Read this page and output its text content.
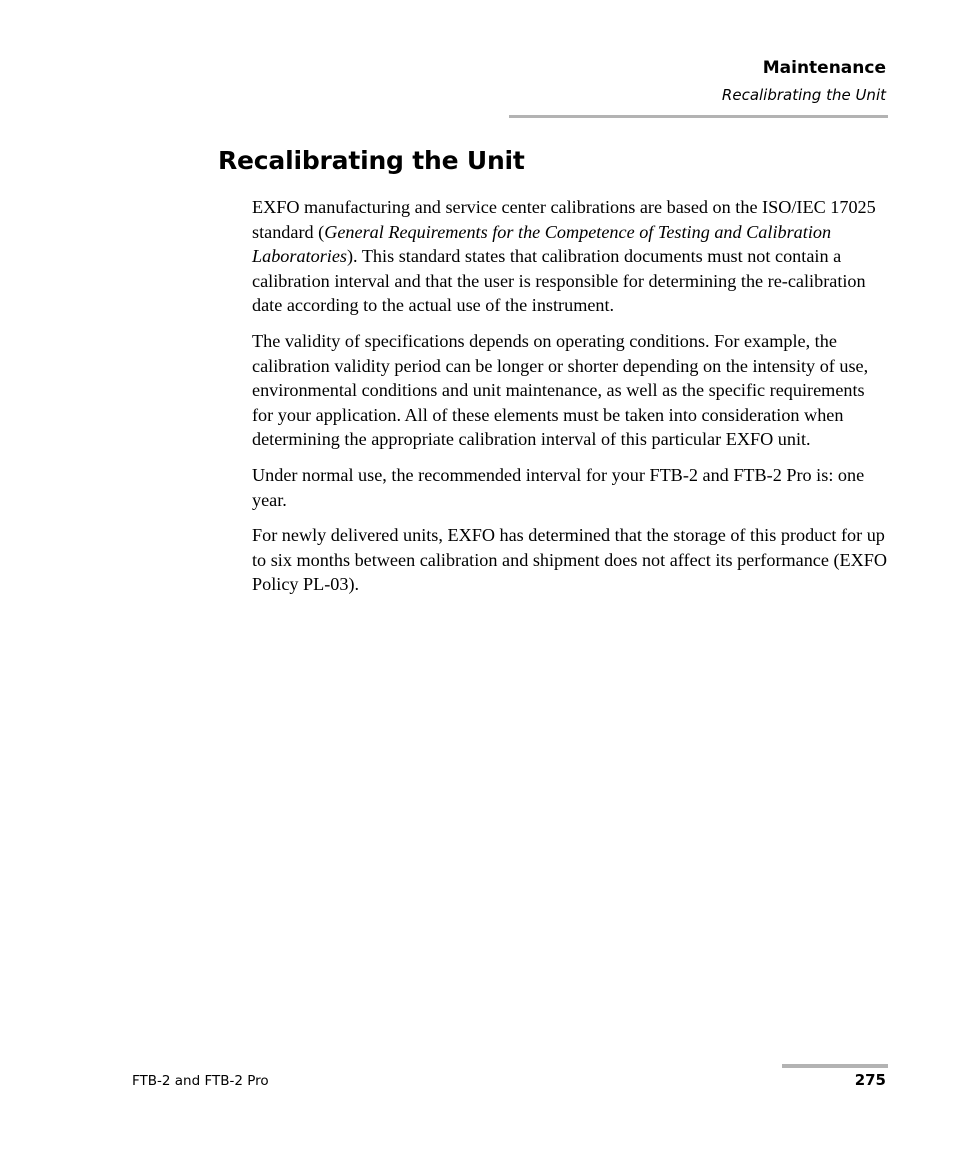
Maintenance
Recalibrating the Unit
Recalibrating the Unit

EXFO manufacturing and service center calibrations are based on the ISO/IEC 17025 standard (General Requirements for the Competence of Testing and Calibration Laboratories). This standard states that calibration documents must not contain a calibration interval and that the user is responsible for determining the re-calibration date according to the actual use of the instrument.

The validity of specifications depends on operating conditions. For example, the calibration validity period can be longer or shorter depending on the intensity of use, environmental conditions and unit maintenance, as well as the specific requirements for your application. All of these elements must be taken into consideration when determining the appropriate calibration interval of this particular EXFO unit.

Under normal use, the recommended interval for your FTB-2 and FTB-2 Pro is: one year.

For newly delivered units, EXFO has determined that the storage of this product for up to six months between calibration and shipment does not affect its performance (EXFO Policy PL-03).

FTB-2 and FTB-2 Pro	275
